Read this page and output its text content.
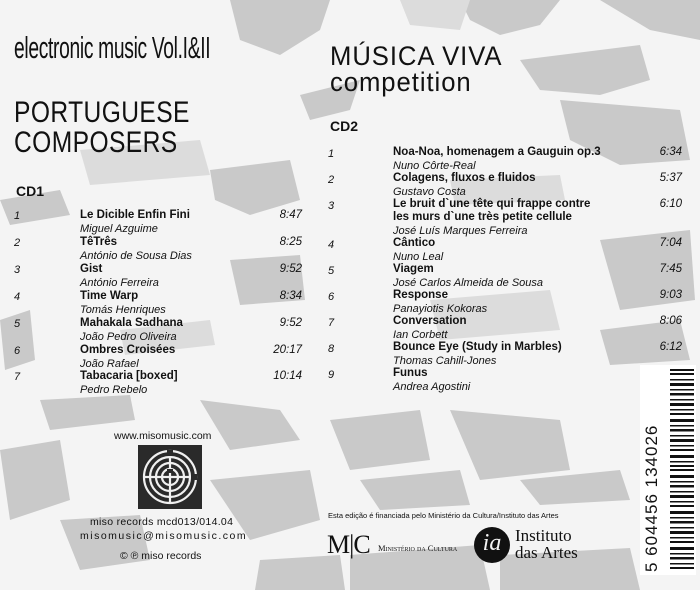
electronic music Vol.I&II
PORTUGUESE
COMPOSERS
CD1
1	Le Dicible Enfin Fini
Miguel Azguime
8:47
2	TêTrês
António de Sousa Dias
8:25
3	Gist
António Ferreira
9:52
4	Time Warp
Tomás Henriques
8:34
5	Mahakala Sadhana
João Pedro Oliveira
9:52
6	Ombres Croisées
João Rafael
20:17
7	Tabacaria [boxed]
Pedro Rebelo
10:14
www.misomusic.com
miso records mcd013/014.04
misomusic@misomusic.com
© ℗ miso records
MÚSICA VIVA
competition
CD2
1	Noa-Noa, homenagem a Gauguin op.3
Nuno Côrte-Real
6:34
2	Colagens, fluxos e fluidos
Gustavo Costa
5:37
3	Le bruit d`une tête qui frappe contre
les murs d`une très petite cellule
José Luís Marques Ferreira
6:10
4	Cântico
Nuno Leal
7:04
5	Viagem
José Carlos Almeida de Sousa
7:45
6	Response
Panayiotis Kokoras
9:03
7	Conversation
Ian Corbett
8:06
8	Bounce Eye (Study in Marbles)
Thomas Cahill-Jones
6:12
9	Funus
Andrea Agostini
Esta edição é financiada pelo Ministério da Cultura/Instituto das Artes
M|C Ministério da Cultura	ia Instituto
das Artes	5 604456 134026
